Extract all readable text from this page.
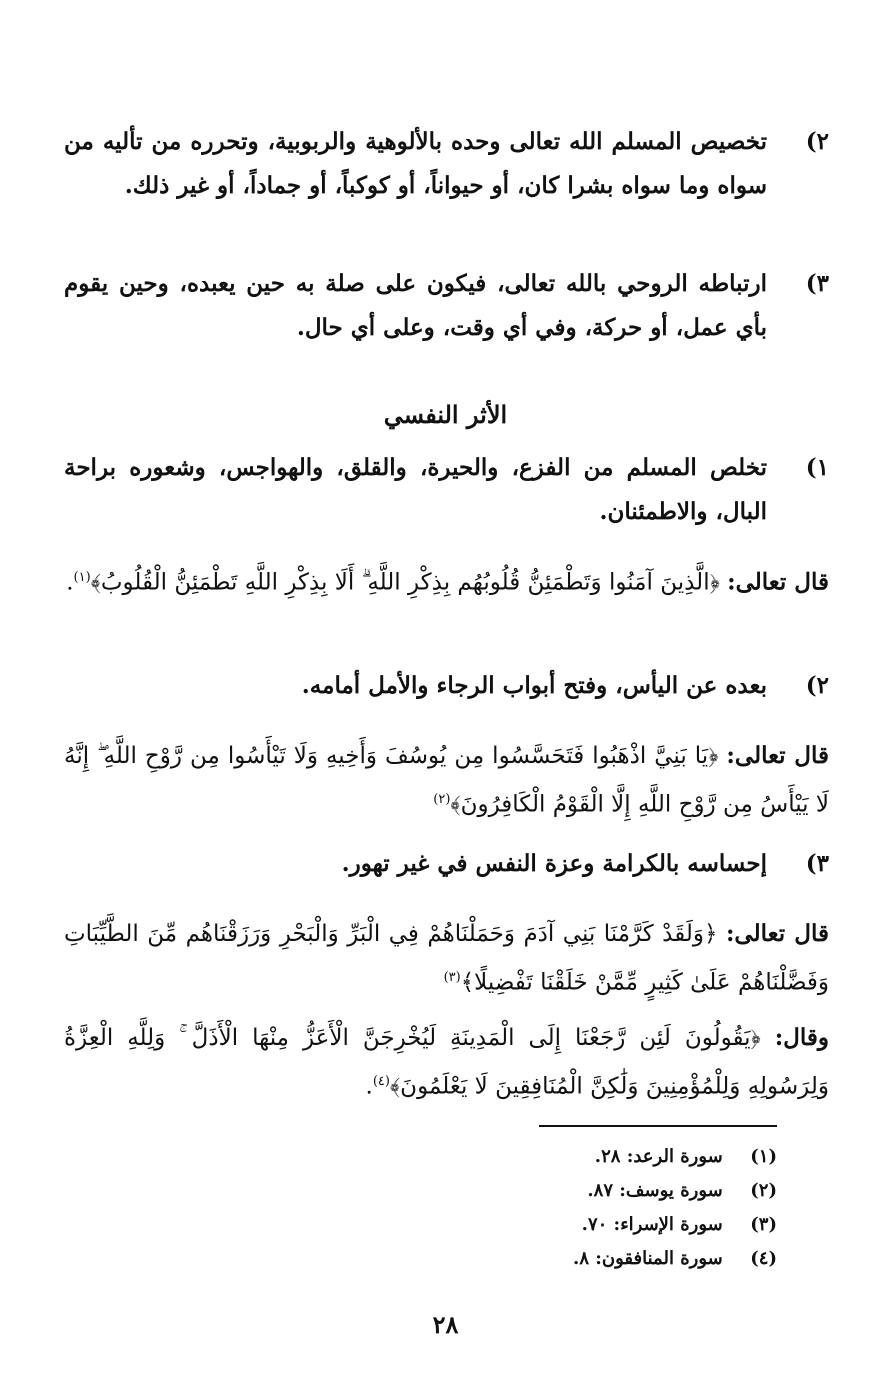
٢)
تخصيص المسلم الله تعالى وحده بالألوهية والربوبية، وتحرره من تأليه من سواه وما سواه بشرا كان، أو حيواناً، أو كوكباً، أو جماداً، أو غير ذلك.
٣)
ارتباطه الروحي بالله تعالى، فيكون على صلة به حين يعبده، وحين يقوم بأي عمل، أو حركة، وفي أي وقت، وعلى أي حال.
الأثر النفسي
١)
تخلص المسلم من الفزع، والحيرة، والقلق، والهواجس، وشعوره براحة البال، والاطمئنان.
قال تعالى: ﴿الَّذِينَ آمَنُوا وَتَطْمَئِنُّ قُلُوبُهُم بِذِكْرِ اللَّهِ ۗ أَلَا بِذِكْرِ اللَّهِ تَطْمَئِنُّ الْقُلُوبُ﴾$^{(١)}$.
٢)
بعده عن اليأس، وفتح أبواب الرجاء والأمل أمامه.
قال تعالى: ﴿يَا بَنِيَّ اذْهَبُوا فَتَحَسَّسُوا مِن يُوسُفَ وَأَخِيهِ وَلَا تَيْأَسُوا مِن رَّوْحِ اللَّهِ ۖ إِنَّهُ لَا يَيْأَسُ مِن رَّوْحِ اللَّهِ إِلَّا الْقَوْمُ الْكَافِرُونَ﴾$^{(٢)}$
٣)
إحساسه بالكرامة وعزة النفس في غير تهور.
قال تعالى: ﴿وَلَقَدْ كَرَّمْنَا بَنِي آدَمَ وَحَمَلْنَاهُمْ فِي الْبَرِّ وَالْبَحْرِ وَرَزَقْنَاهُم مِّنَ الطَّيِّبَاتِ وَفَضَّلْنَاهُمْ عَلَىٰ كَثِيرٍ مِّمَّنْ خَلَقْنَا تَفْضِيلًا﴾$^{(٣)}$
وقال: ﴿يَقُولُونَ لَئِن رَّجَعْنَا إِلَى الْمَدِينَةِ لَيُخْرِجَنَّ الْأَعَزُّ مِنْهَا الْأَذَلَّ ۚ وَلِلَّهِ الْعِزَّةُ وَلِرَسُولِهِ وَلِلْمُؤْمِنِينَ وَلَٰكِنَّ الْمُنَافِقِينَ لَا يَعْلَمُونَ﴾$^{(٤)}$.
(١) سورة الرعد: ٢٨.
(٢) سورة يوسف: ٨٧.
(٣) سورة الإسراء: ٧٠.
(٤) سورة المنافقون: ٨.
٢٨
